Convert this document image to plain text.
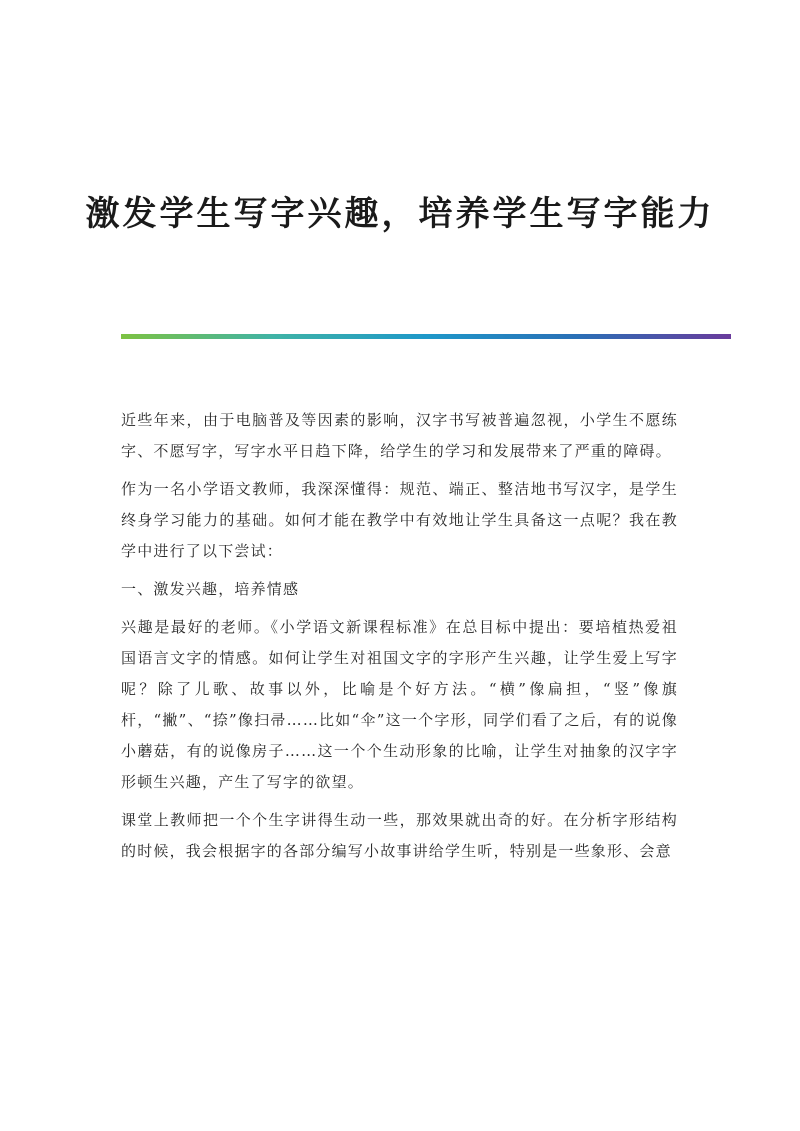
激发学生写字兴趣，培养学生写字能力

近些年来，由于电脑普及等因素的影响，汉字书写被普遍忽视，小学生不愿练字、不愿写字，写字水平日趋下降，给学生的学习和发展带来了严重的障碍。

作为一名小学语文教师，我深深懂得：规范、端正、整洁地书写汉字，是学生终身学习能力的基础。如何才能在教学中有效地让学生具备这一点呢？我在教学中进行了以下尝试：

一、激发兴趣，培养情感

兴趣是最好的老师。《小学语文新课程标准》在总目标中提出：要培植热爱祖国语言文字的情感。如何让学生对祖国文字的字形产生兴趣，让学生爱上写字呢？除了儿歌、故事以外，比喻是个好方法。“横”像扁担，“竖”像旗杆，“撇”、“捺”像扫帚……比如“伞”这一个字形，同学们看了之后，有的说像小蘑菇，有的说像房子……这一个个生动形象的比喻，让学生对抽象的汉字字形顿生兴趣，产生了写字的欲望。

课堂上教师把一个个生字讲得生动一些，那效果就出奇的好。在分析字形结构的时候，我会根据字的各部分编写小故事讲给学生听，特别是一些象形、会意
